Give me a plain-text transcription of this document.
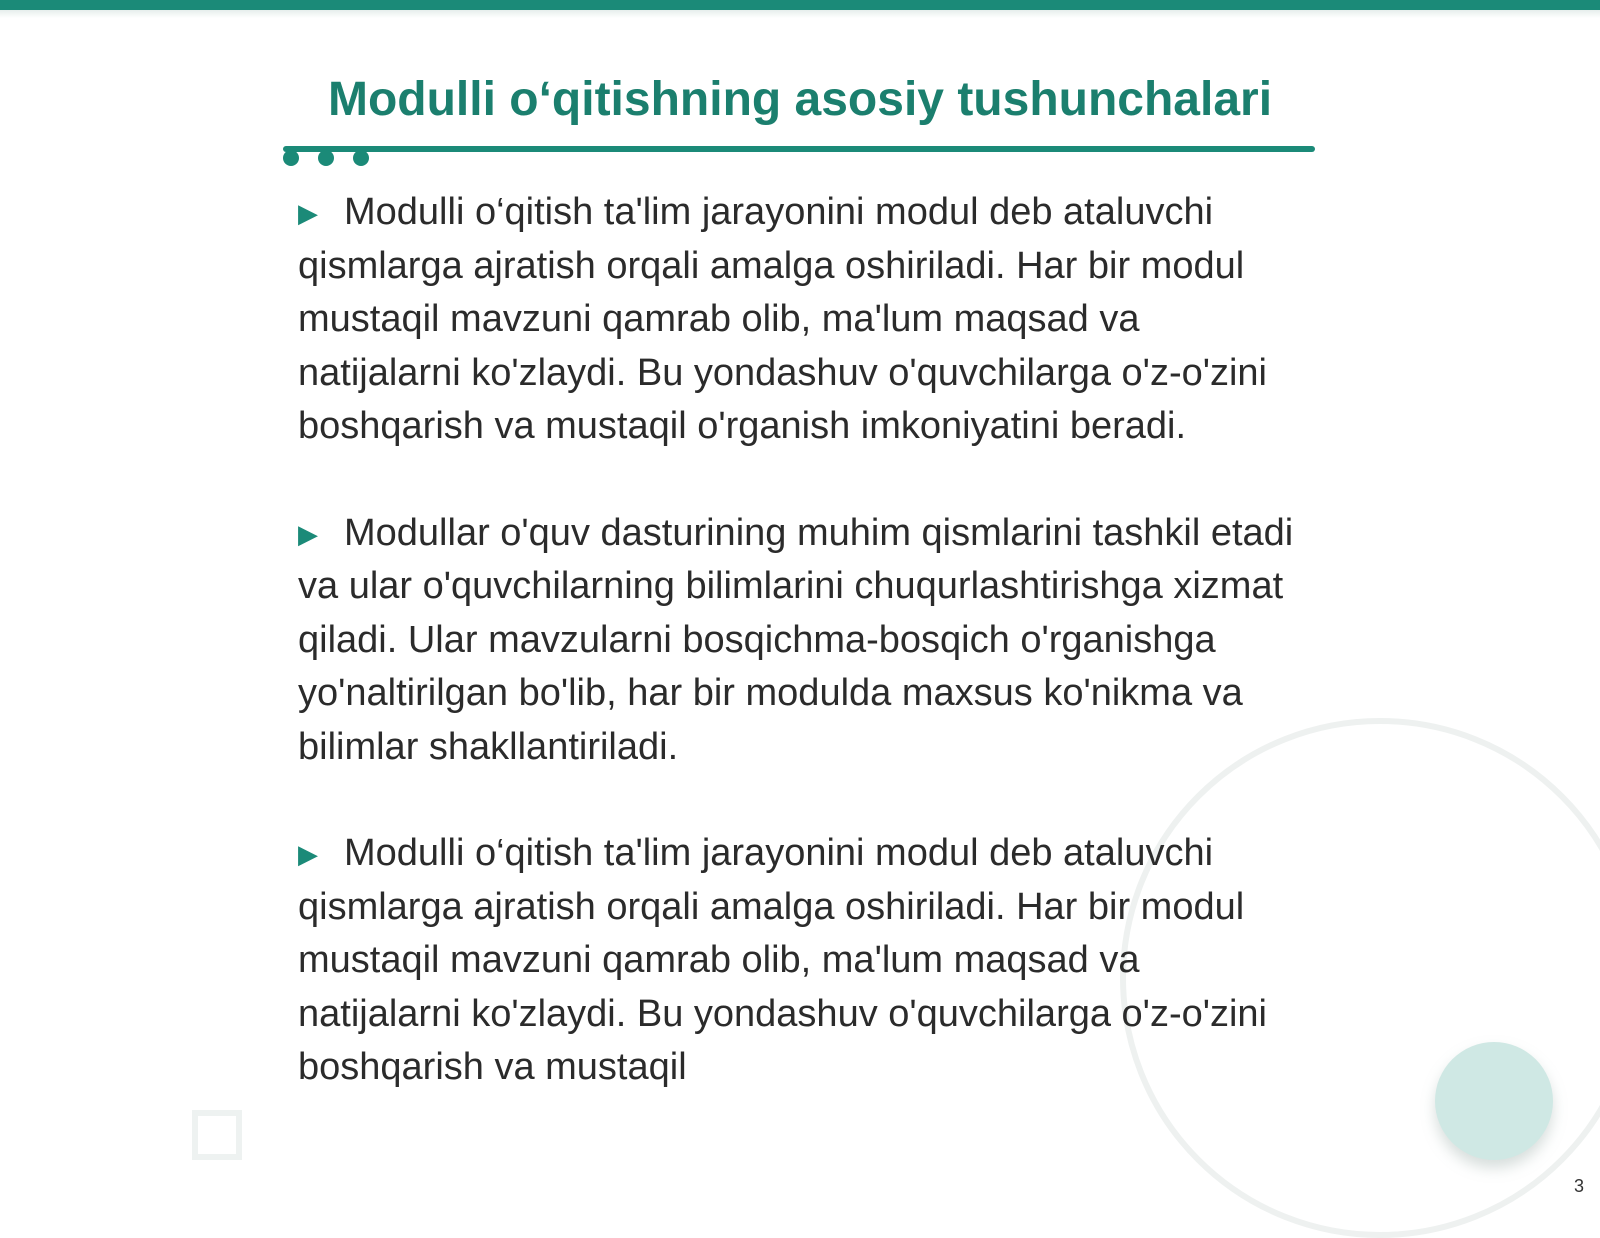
Modulli o‘qitishning asosiy tushunchalari

▶ Modulli o‘qitish ta'lim jarayonini modul deb ataluvchi qismlarga ajratish orqali amalga oshiriladi. Har bir modul mustaqil mavzuni qamrab olib, ma'lum maqsad va natijalarni ko'zlaydi. Bu yondashuv o'quvchilarga o'z-o'zini boshqarish va mustaqil o'rganish imkoniyatini beradi.

▶ Modullar o'quv dasturining muhim qismlarini tashkil etadi va ular o'quvchilarning bilimlarini chuqurlashtirishga xizmat qiladi. Ular mavzularni bosqichma-bosqich o'rganishga yo'naltirilgan bo'lib, har bir modulda maxsus ko'nikma va bilimlar shakllantiriladi.

▶ Modulli o‘qitish ta'lim jarayonini modul deb ataluvchi qismlarga ajratish orqali amalga oshiriladi. Har bir modul mustaqil mavzuni qamrab olib, ma'lum maqsad va natijalarni ko'zlaydi. Bu yondashuv o'quvchilarga o'z-o'zini boshqarish va mustaqil

3
